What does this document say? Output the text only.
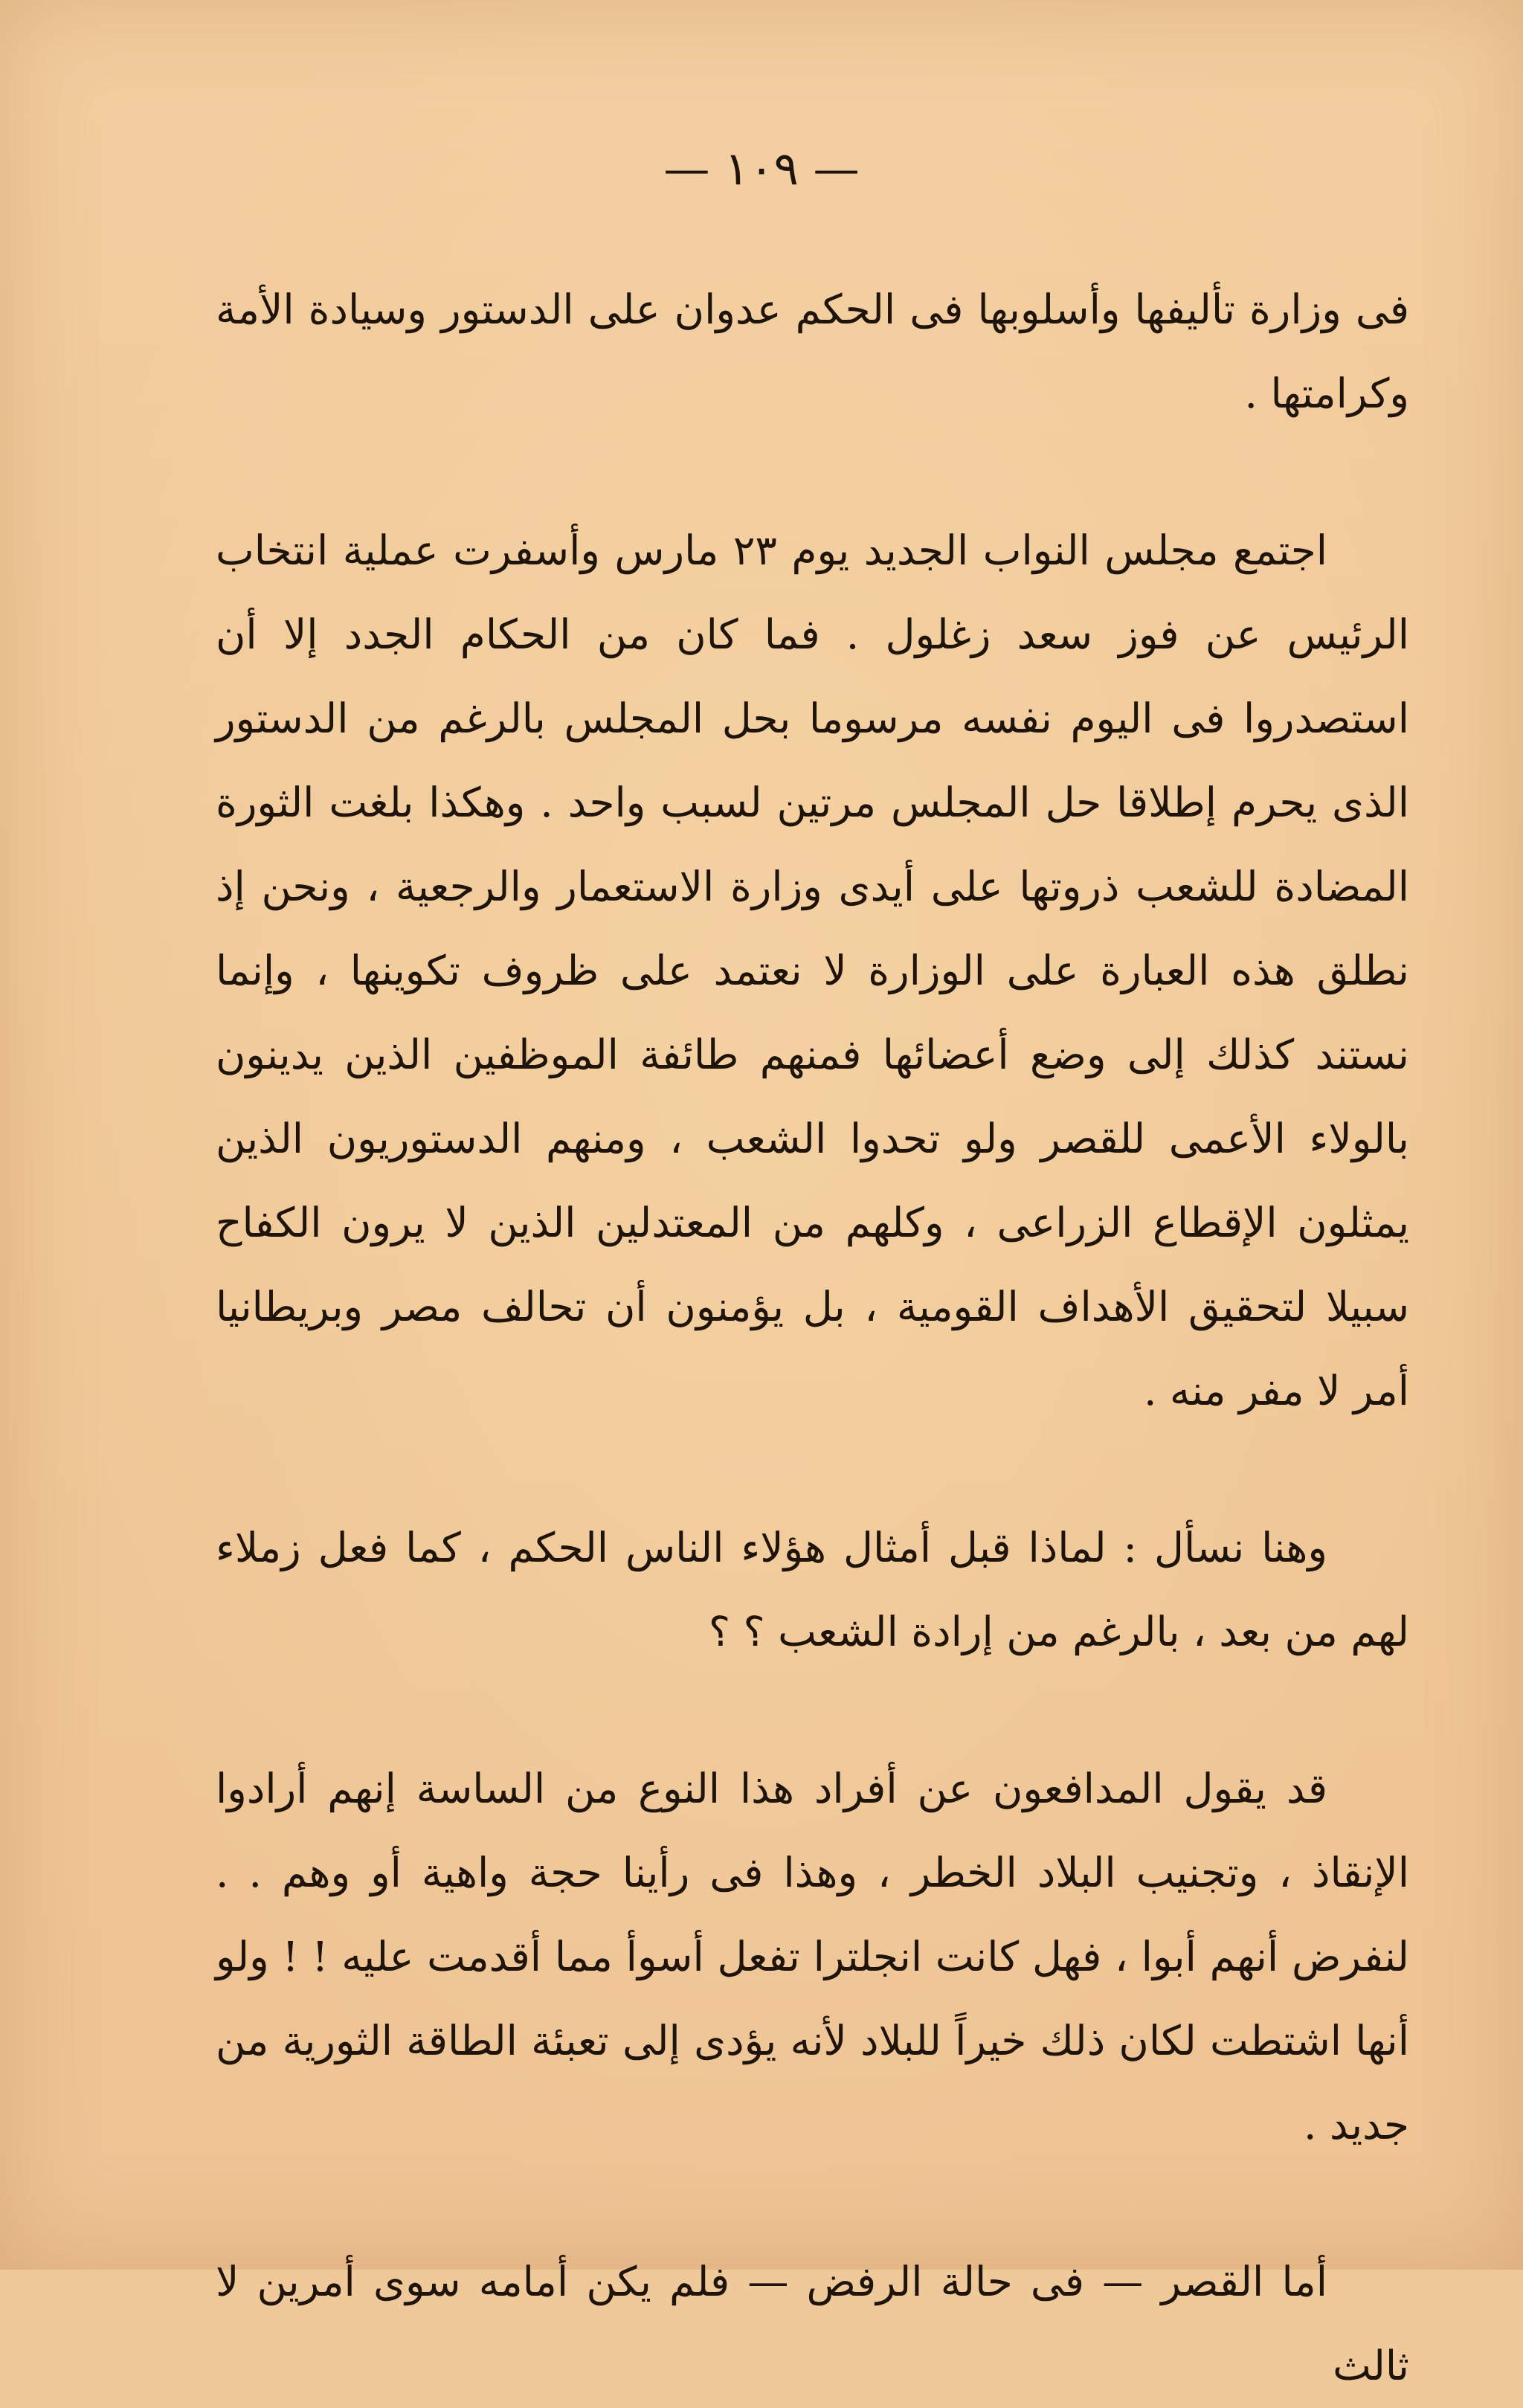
— ١٠٩ —

فى وزارة تأليفها وأسلوبها فى الحكم عدوان على الدستور وسيادة الأمة وكرامتها .

اجتمع مجلس النواب الجديد يوم ٢٣ مارس وأسفرت عملية انتخاب الرئيس عن فوز سعد زغلول . فما كان من الحكام الجدد إلا أن استصدروا فى اليوم نفسه مرسوما بحل المجلس بالرغم من الدستور الذى يحرم إطلاقا حل المجلس مرتين لسبب واحد . وهكذا بلغت الثورة المضادة للشعب ذروتها على أيدى وزارة الاستعمار والرجعية ، ونحن إذ نطلق هذه العبارة على الوزارة لا نعتمد على ظروف تكوينها ، وإنما نستند كذلك إلى وضع أعضائها فمنهم طائفة الموظفين الذين يدينون بالولاء الأعمى للقصر ولو تحدوا الشعب ، ومنهم الدستوريون الذين يمثلون الإقطاع الزراعى ، وكلهم من المعتدلين الذين لا يرون الكفاح سبيلا لتحقيق الأهداف القومية ، بل يؤمنون أن تحالف مصر وبريطانيا أمر لا مفر منه .

وهنا نسأل : لماذا قبل أمثال هؤلاء الناس الحكم ، كما فعل زملاء لهم من بعد ، بالرغم من إرادة الشعب ؟ ؟

قد يقول المدافعون عن أفراد هذا النوع من الساسة إنهم أرادوا الإنقاذ ، وتجنيب البلاد الخطر ، وهذا فى رأينا حجة واهية أو وهم . . لنفرض أنهم أبوا ، فهل كانت انجلترا تفعل أسوأ مما أقدمت عليه ! ! ولو أنها اشتطت لكان ذلك خيراً للبلاد لأنه يؤدى إلى تعبئة الطاقة الثورية من جديد .

أما القصر — فى حالة الرفض — فلم يكن أمامه سوى أمرين لا ثالث
